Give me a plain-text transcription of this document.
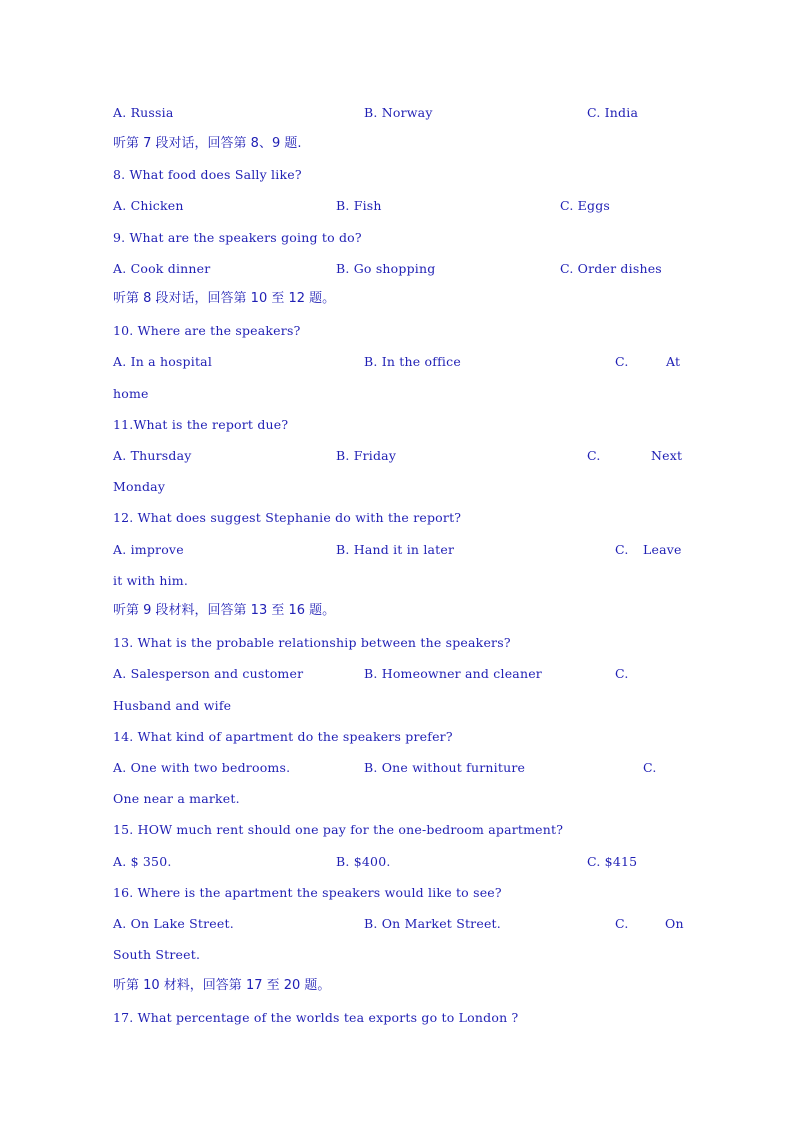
A. Russia

	B. Norway

	C. India

听第 7 段对话，回答第 8、9 题.
8. What food does Sally like?

A. Chicken

	B. Fish

	C. Eggs

9. What are the speakers going to do?

A. Cook dinner

	B. Go shopping

	C. Order dishes

听第 8 段对话，回答第 10 至 12 题。
10. Where are the speakers?

A. In a hospital

	B. In the office

	C.

	At

home
11.What is the report due?

A. Thursday

	B. Friday

	C.

	Next

Monday
12. What does suggest Stephanie do with the report?

A. improve

	B. Hand it in later

	C.

Leave

it with him.
听第 9 段材料，回答第 13 至 16 题。
13. What is the probable relationship between the speakers?

A. Salesperson and customer

	B. Homeowner and cleaner

	C.

Husband and wife
14. What kind of apartment do the speakers prefer?

A. One with two bedrooms.

	B. One without furniture

	C.

One near a market.
15. HOW much rent should one pay for the one-bedroom apartment?

A. $ 350.

	B. $400.

	C. $415

16. Where is the apartment the speakers would like to see?

A. On Lake Street.

	B. On Market Street.

	C.

	On

South Street.
听第 10 材料，回答第 17 至 20 题。
17. What percentage of the worlds tea exports go to London ?
